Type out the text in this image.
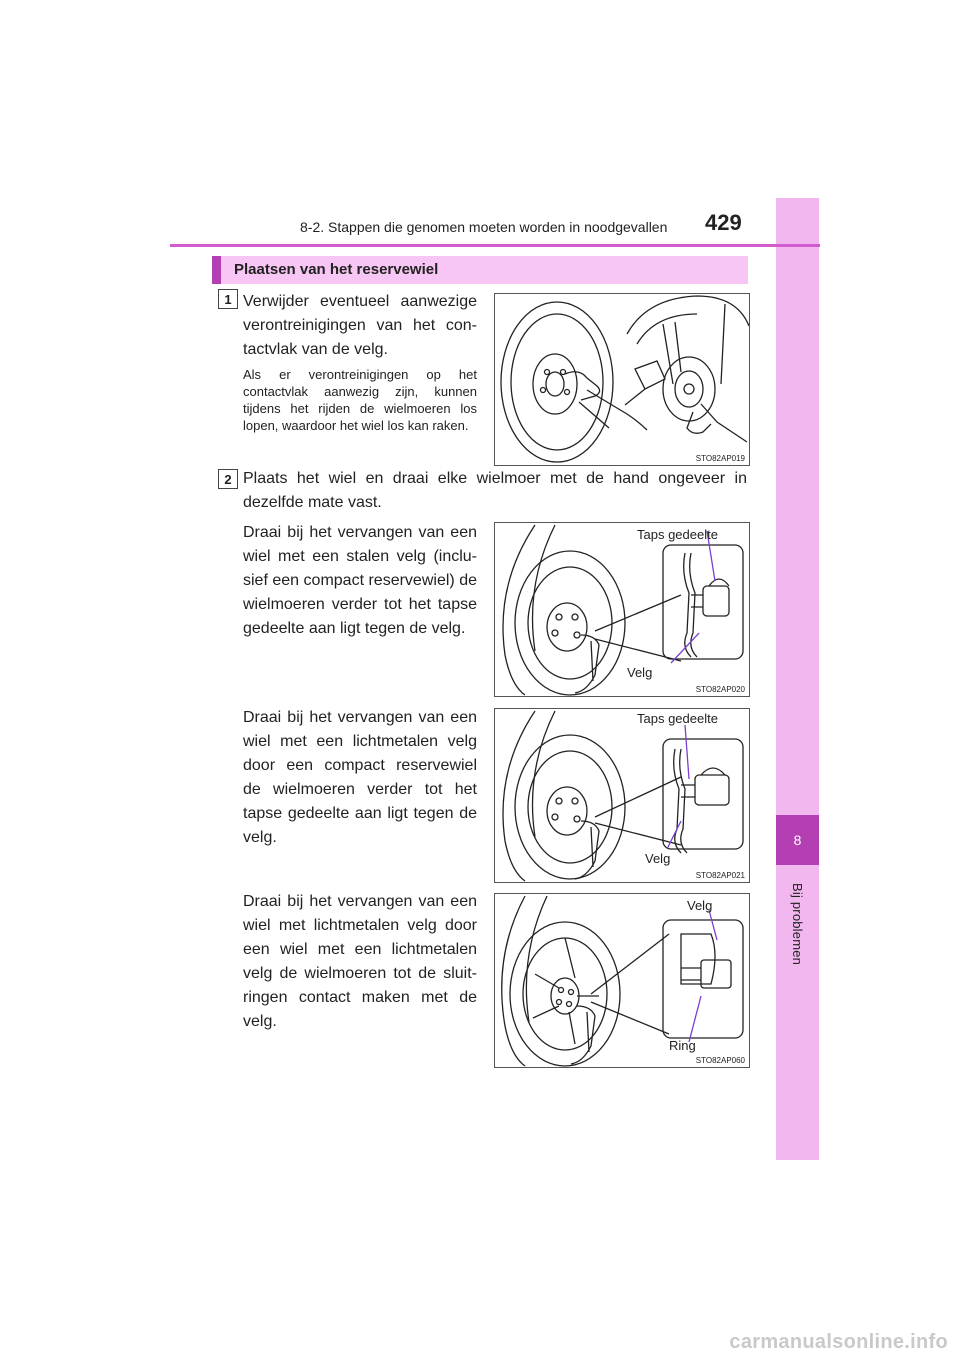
8
Bij problemen
8-2. Stappen die genomen moeten worden in noodgevallen 429
Plaatsen van het reservewiel
1 Verwijder eventueel aanwezige verontreinigingen van het con-tactvlak van de velg.
Als er verontreinigingen op het contactvlak aanwezig zijn, kunnen tijdens het rijden de wielmoeren los lopen, waardoor het wiel los kan raken.
STO82AP019
2 Plaats het wiel en draai elke wielmoer met de hand ongeveer in dezelfde mate vast.
Draai bij het vervangen van een wiel met een stalen velg (inclu-sief een compact reservewiel) de wielmoeren verder tot het tapse gedeelte aan ligt tegen de velg.
Taps gedeelte
Velg
STO82AP020
Draai bij het vervangen van een wiel met een lichtmetalen velg door een compact reservewiel de wielmoeren verder tot het tapse gedeelte aan ligt tegen de velg.
Taps gedeelte
Velg
STO82AP021
Draai bij het vervangen van een wiel met lichtmetalen velg door een wiel met een lichtmetalen velg de wielmoeren tot de sluit-ringen contact maken met de velg.
Velg
Ring
STO82AP060
carmanualsonline.info
